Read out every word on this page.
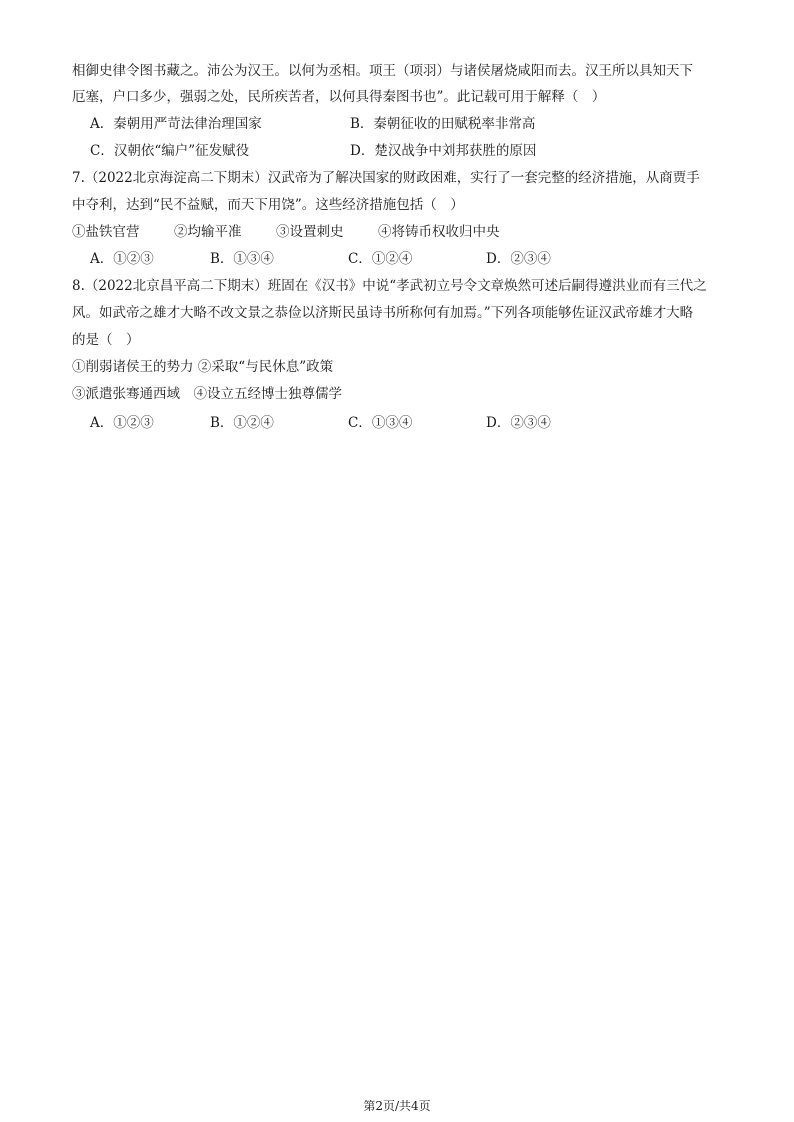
相御史律令图书藏之。沛公为汉王。以何为丞相。项王（项羽）与诸侯屠烧咸阳而去。汉王所以具知天下
厄塞，户口多少，强弱之处，民所疾苦者，以何具得秦图书也”。此记载可用于解释（　）
A．秦朝用严苛法律治理国家	B．秦朝征收的田赋税率非常高
C．汉朝依“编户”征发赋役	D．楚汉战争中刘邦获胜的原因
7.（2022北京海淀高二下期末）汉武帝为了解决国家的财政困难，实行了一套完整的经济措施，从商贾手
中夺利，达到“民不益赋，而天下用饶”。这些经济措施包括（　）
①盐铁官营	②均输平准	③设置刺史	④将铸币权收归中央
A．①②③	B．①③④	C．①②④	D．②③④
8.（2022北京昌平高二下期末）班固在《汉书》中说“孝武初立号令文章焕然可述后嗣得遵洪业而有三代之
风。如武帝之雄才大略不改文景之恭俭以济斯民虽诗书所称何有加焉。”下列各项能够佐证汉武帝雄才大略
的是（　）
①削弱诸侯王的势力 ②采取“与民休息”政策
③派遣张骞通西域　④设立五经博士独尊儒学
A．①②③	B．①②④	C．①③④	D．②③④
第2页/共4页
